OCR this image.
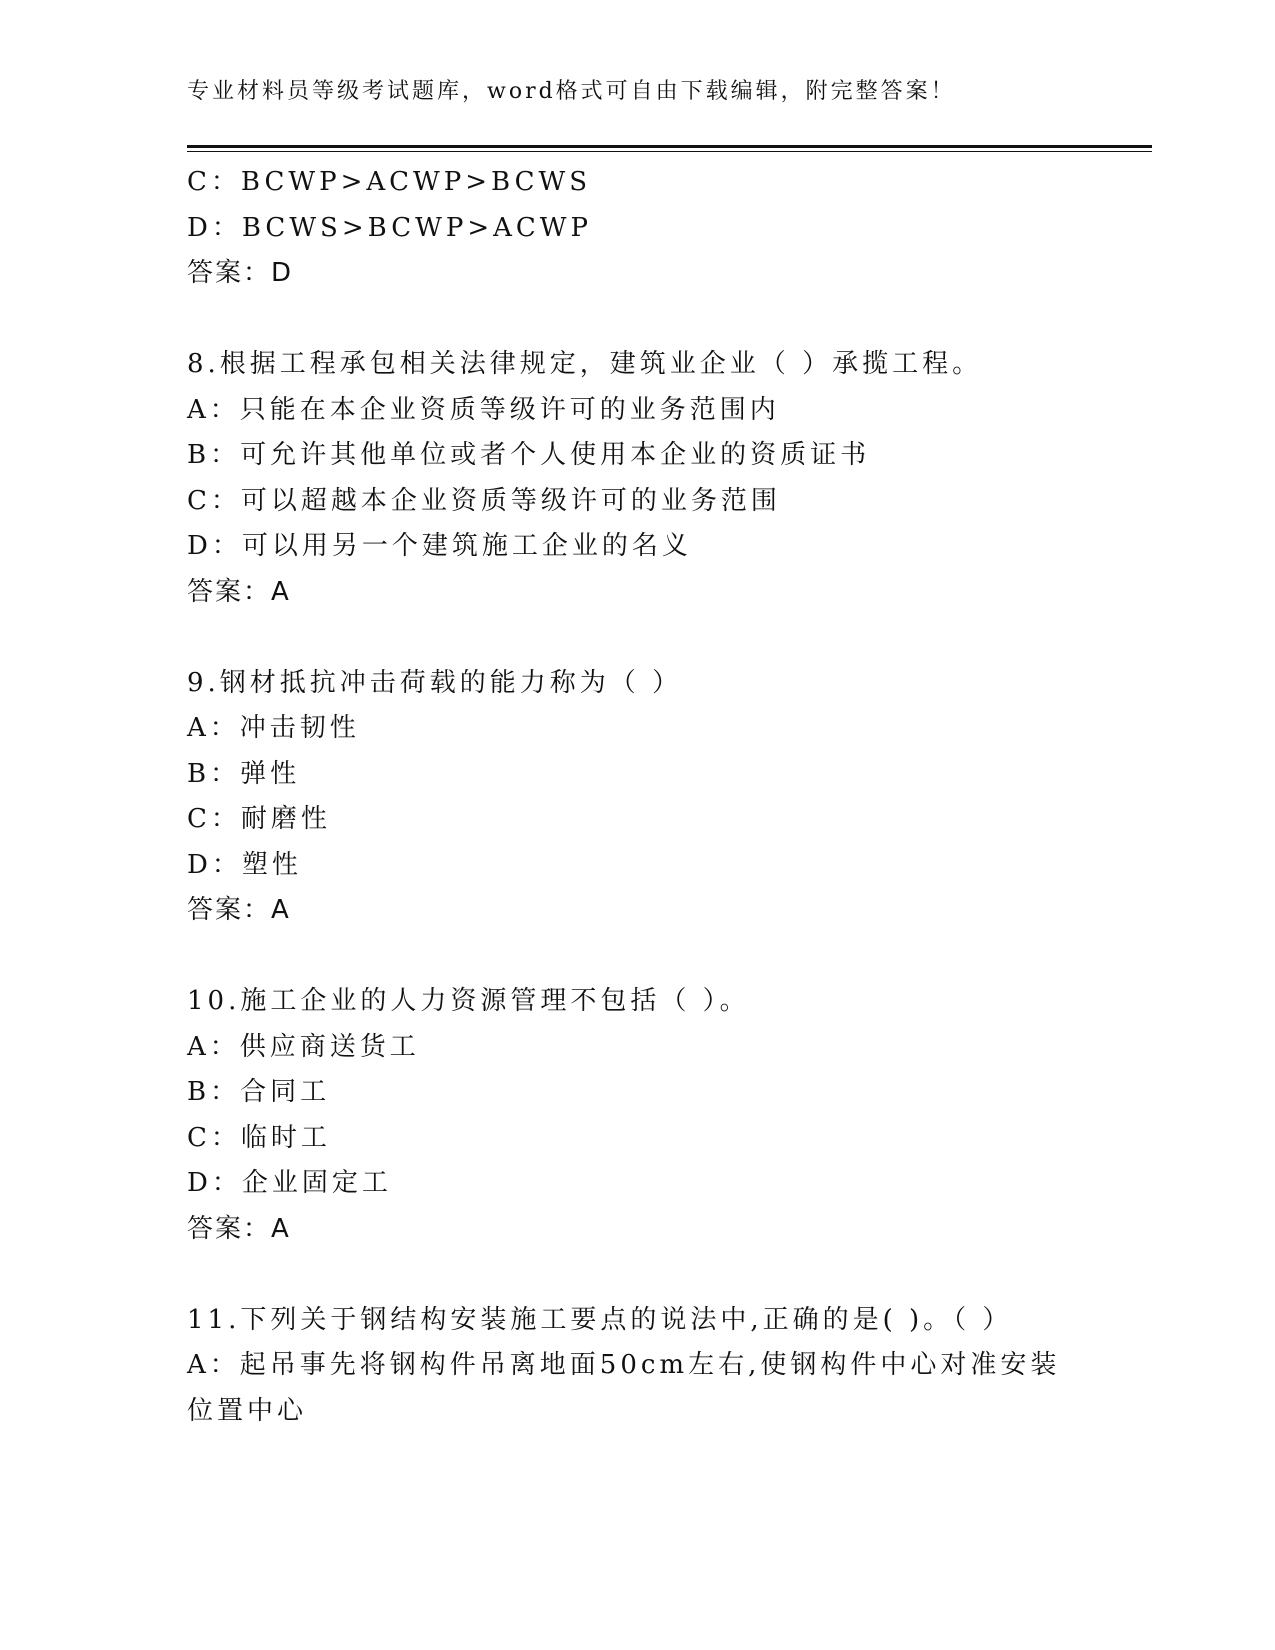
专业材料员等级考试题库，word格式可自由下载编辑，附完整答案！
C：BCWP>ACWP>BCWS
D：BCWS>BCWP>ACWP
答案：D
8.根据工程承包相关法律规定，建筑业企业（ ）承揽工程。
A：只能在本企业资质等级许可的业务范围内
B：可允许其他单位或者个人使用本企业的资质证书
C：可以超越本企业资质等级许可的业务范围
D：可以用另一个建筑施工企业的名义
答案：A
9.钢材抵抗冲击荷载的能力称为（ ）
A：冲击韧性
B：弹性
C：耐磨性
D：塑性
答案：A
10.施工企业的人力资源管理不包括（ ）。
A：供应商送货工
B：合同工
C：临时工
D：企业固定工
答案：A
11.下列关于钢结构安装施工要点的说法中,正确的是( )。（ ）
A：起吊事先将钢构件吊离地面50cm左右,使钢构件中心对准安装位置中心
